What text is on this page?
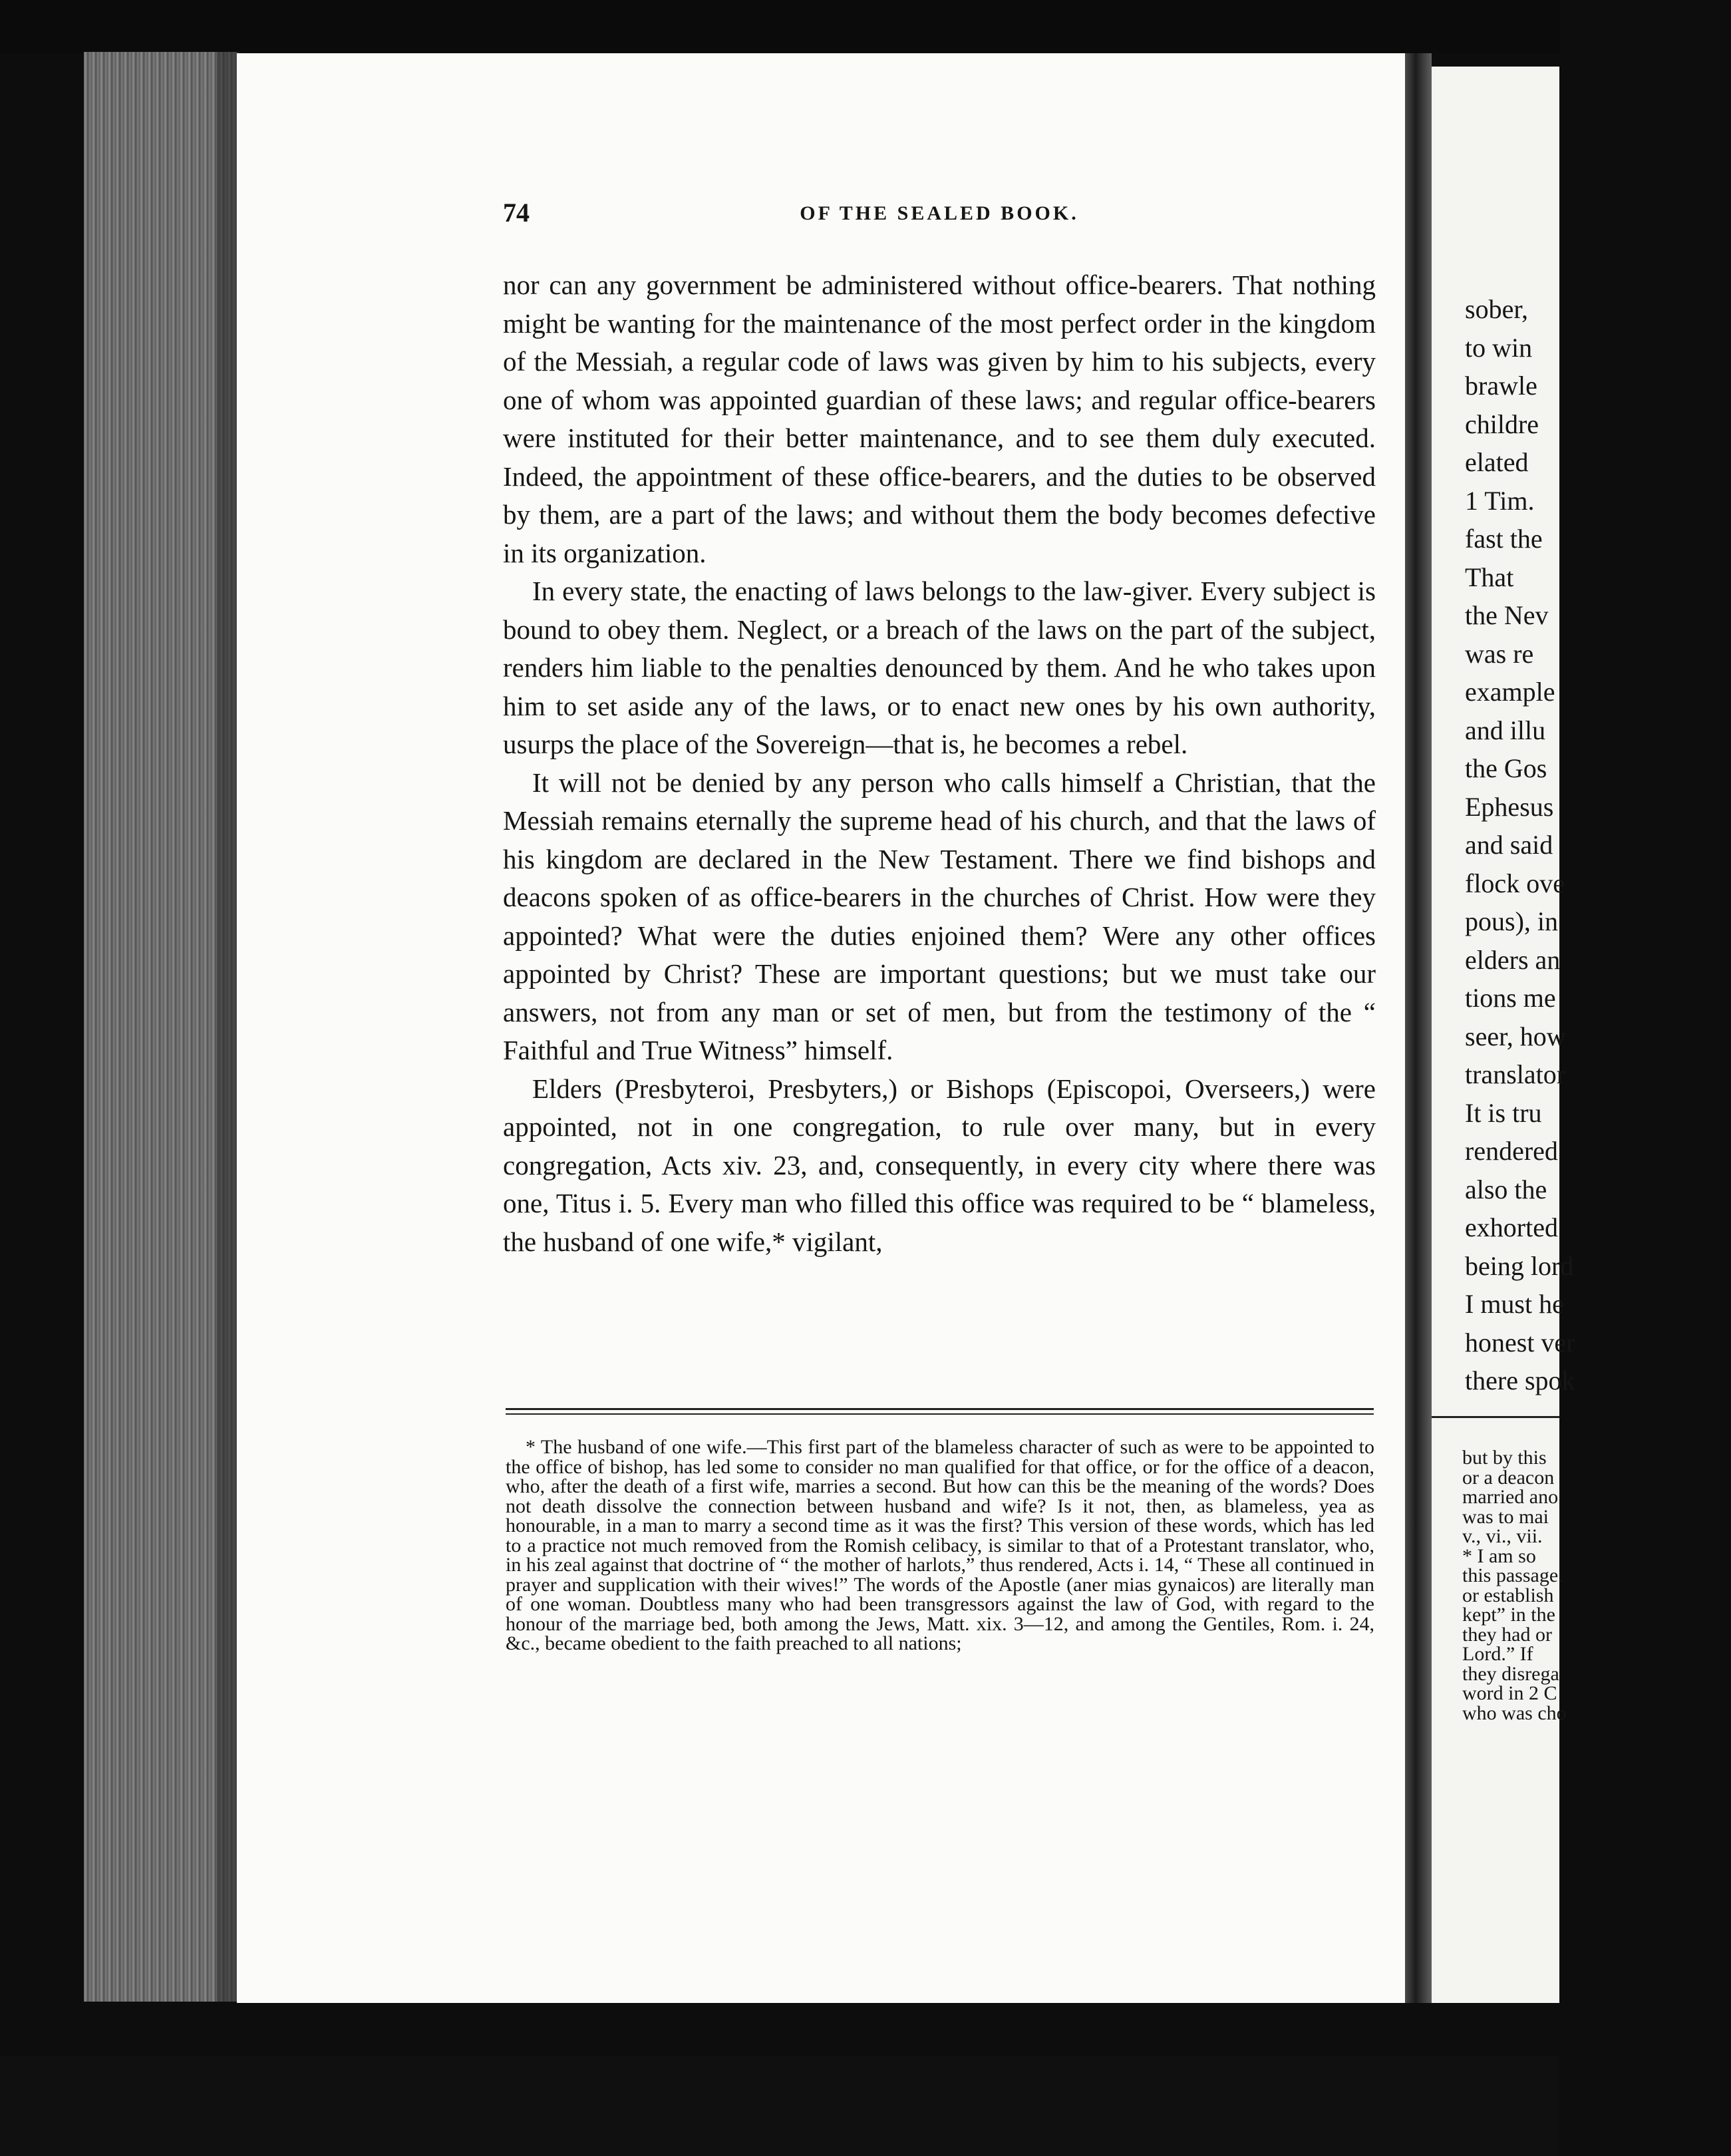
sober,
to win
brawle
childre
elated
1 Tim.
fast the
That
the Nev
was re
example
and illu
the Gos
Ephesus
and said
flock ove
pous), in
elders an
tions me
seer, how
translator
It is tru
rendered
also the
exhorted
being lord
I must he
honest ver
there spok
but by this
or a deacon
married ano
was to mai
v., vi., vii.
* I am so
this passage.
or establish
kept” in the
they had or
Lord.” If
they disrega
word in 2 C
who was cho
74	OF THE SEALED BOOK.

nor can any government be administered without office-bearers. That nothing might be wanting for the maintenance of the most perfect order in the kingdom of the Messiah, a regular code of laws was given by him to his subjects, every one of whom was appointed guardian of these laws; and regular office-bearers were instituted for their better maintenance, and to see them duly executed. Indeed, the appointment of these office-bearers, and the duties to be observed by them, are a part of the laws; and without them the body becomes defective in its organization.

In every state, the enacting of laws belongs to the law-giver. Every subject is bound to obey them. Neglect, or a breach of the laws on the part of the subject, renders him liable to the penalties denounced by them. And he who takes upon him to set aside any of the laws, or to enact new ones by his own authority, usurps the place of the Sovereign—that is, he becomes a rebel.

It will not be denied by any person who calls himself a Christian, that the Messiah remains eternally the supreme head of his church, and that the laws of his kingdom are declared in the New Testament. There we find bishops and deacons spoken of as office-bearers in the churches of Christ. How were they appointed? What were the duties enjoined them? Were any other offices appointed by Christ? These are important questions; but we must take our answers, not from any man or set of men, but from the testimony of the “ Faithful and True Witness” himself.

Elders (Presbyteroi, Presbyters,) or Bishops (Episcopoi, Overseers,) were appointed, not in one congregation, to rule over many, but in every congregation, Acts xiv. 23, and, consequently, in every city where there was one, Titus i. 5. Every man who filled this office was required to be “ blameless, the husband of one wife,* vigilant,

* The husband of one wife.—This first part of the blameless character of such as were to be appointed to the office of bishop, has led some to consider no man qualified for that office, or for the office of a deacon, who, after the death of a first wife, marries a second. But how can this be the meaning of the words? Does not death dissolve the connection between husband and wife? Is it not, then, as blameless, yea as honourable, in a man to marry a second time as it was the first? This version of these words, which has led to a practice not much removed from the Romish celibacy, is similar to that of a Protestant translator, who, in his zeal against that doctrine of “ the mother of harlots,” thus rendered, Acts i. 14, “ These all continued in prayer and supplication with their wives!” The words of the Apostle (aner mias gynaicos) are literally man of one woman. Doubtless many who had been transgressors against the law of God, with regard to the honour of the marriage bed, both among the Jews, Matt. xix. 3—12, and among the Gentiles, Rom. i. 24, &c., became obedient to the faith preached to all nations;
